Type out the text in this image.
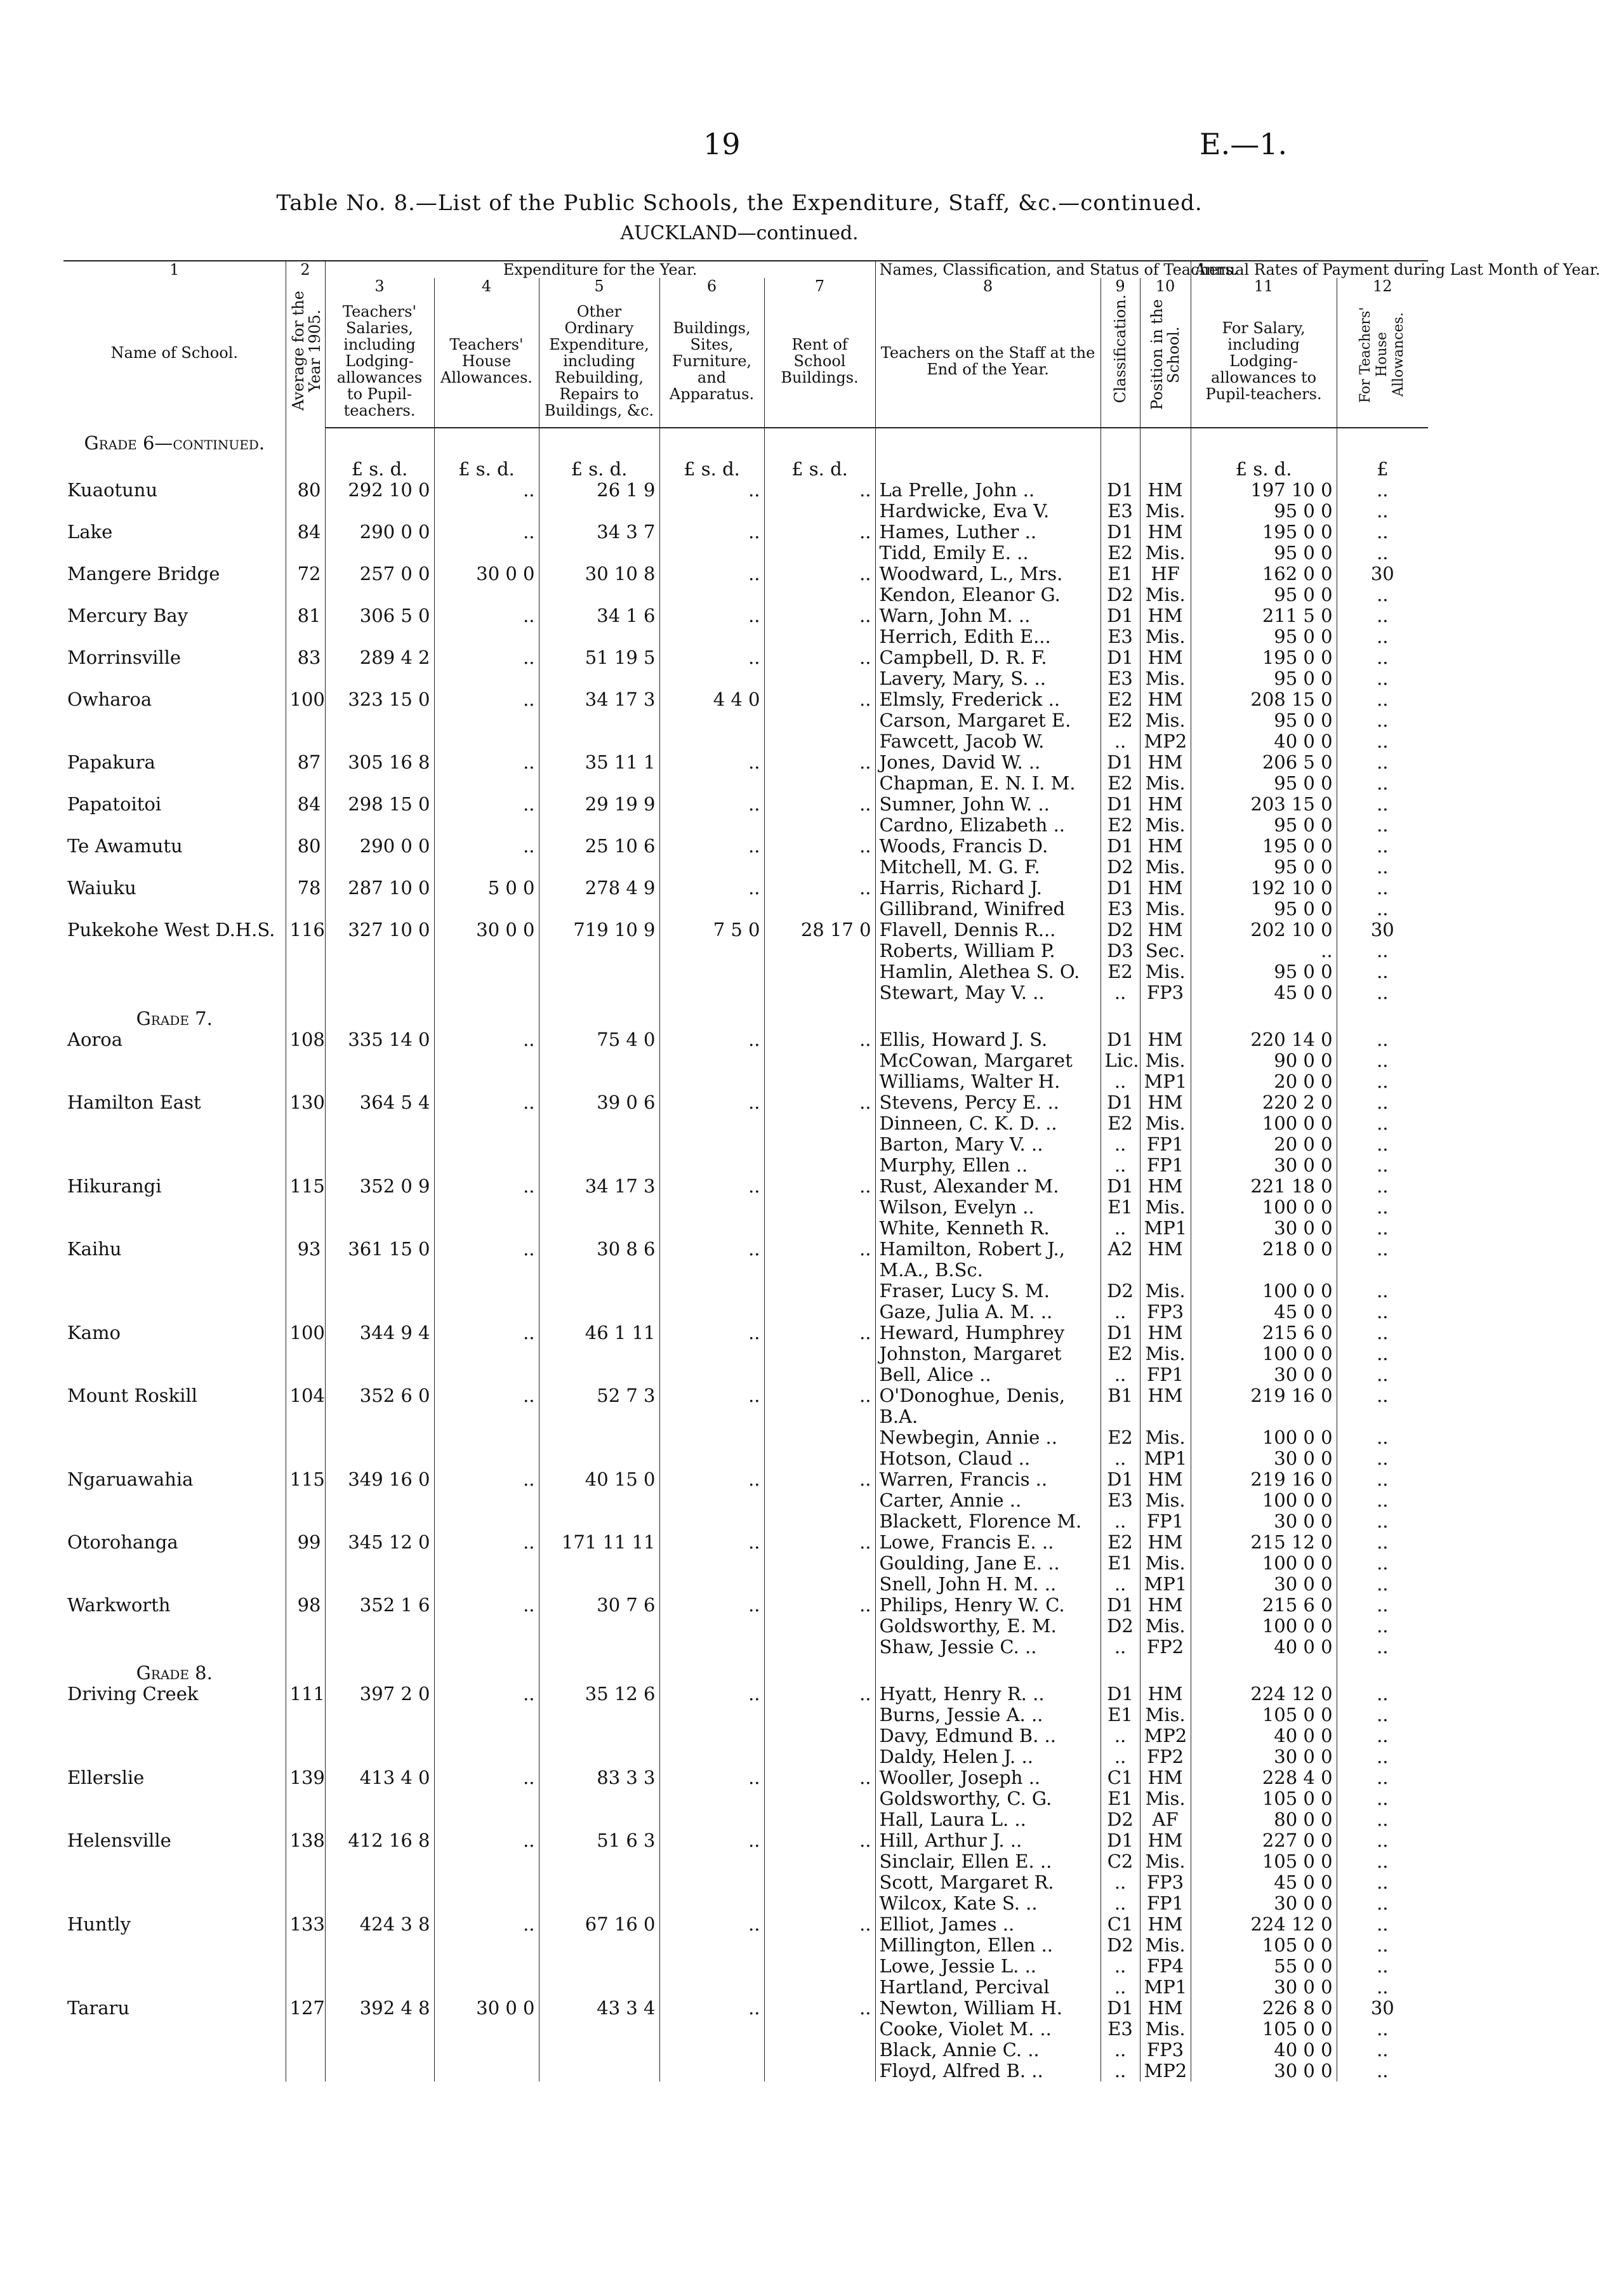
19	E.—1.
Table No. 8.—List of the Public Schools, the Expenditure, Staff, &c.—continued.
AUCKLAND—continued.
1	2	Expenditure for the Year.					Names, Classification, and Status of Teachers.			Annual Rates of Payment during Last Month of Year.	
Name of School.	Average for the Year 1905.	3	4	5	6	7	8	9	10	11	12
		Teachers' Salaries, including Lodging-allowances to Pupil-teachers.	Teachers' House Allowances.	Other Ordinary Expenditure, including Rebuilding, Repairs to Buildings, &c.	Buildings, Sites, Furniture, and Apparatus.	Rent of School Buildings.	Teachers on the Staff at the End of the Year.	Classification.	Position in the School.	For Salary, including Lodging-allowances to Pupil-teachers.	For Teachers' House Allowances.
Grade 6—continued.											
		£ s. d.	£ s. d.	£ s. d.	£ s. d.	£ s. d.				£ s. d.	£
Kuaotunu	80	292 10 0	..	26 1 9	..	..	La Prelle, John ..	D1	HM	197 10 0	..
							Hardwicke, Eva V.	E3	Mis.	95 0 0	..
Lake	84	290 0 0	..	34 3 7	..	..	Hames, Luther ..	D1	HM	195 0 0	..
							Tidd, Emily E. ..	E2	Mis.	95 0 0	..
Mangere Bridge	72	257 0 0	30 0 0	30 10 8	..	..	Woodward, L., Mrs.	E1	HF	162 0 0	30
							Kendon, Eleanor G.	D2	Mis.	95 0 0	..
Mercury Bay	81	306 5 0	..	34 1 6	..	..	Warn, John M. ..	D1	HM	211 5 0	..
							Herrich, Edith E...	E3	Mis.	95 0 0	..
Morrinsville	83	289 4 2	..	51 19 5	..	..	Campbell, D. R. F.	D1	HM	195 0 0	..
							Lavery, Mary, S. ..	E3	Mis.	95 0 0	..
Owharoa	100	323 15 0	..	34 17 3	4 4 0	..	Elmsly, Frederick ..	E2	HM	208 15 0	..
							Carson, Margaret E.	E2	Mis.	95 0 0	..
							Fawcett, Jacob W.	..	MP2	40 0 0	..
Papakura	87	305 16 8	..	35 11 1	..	..	Jones, David W. ..	D1	HM	206 5 0	..
							Chapman, E. N. I. M.	E2	Mis.	95 0 0	..
Papatoitoi	84	298 15 0	..	29 19 9	..	..	Sumner, John W. ..	D1	HM	203 15 0	..
							Cardno, Elizabeth ..	E2	Mis.	95 0 0	..
Te Awamutu	80	290 0 0	..	25 10 6	..	..	Woods, Francis D.	D1	HM	195 0 0	..
							Mitchell, M. G. F.	D2	Mis.	95 0 0	..
Waiuku	78	287 10 0	5 0 0	278 4 9	..	..	Harris, Richard J.	D1	HM	192 10 0	..
							Gillibrand, Winifred	E3	Mis.	95 0 0	..
Pukekohe West D.H.S.	116	327 10 0	30 0 0	719 10 9	7 5 0	28 17 0	Flavell, Dennis R...	D2	HM	202 10 0	30
							Roberts, William P.	D3	Sec.	..	..
							Hamlin, Alethea S. O.	E2	Mis.	95 0 0	..
							Stewart, May V. ..	..	FP3	45 0 0	..
Grade 7.											
Aoroa	108	335 14 0	..	75 4 0	..	..	Ellis, Howard J. S.	D1	HM	220 14 0	..
							McCowan, Margaret	Lic.	Mis.	90 0 0	..
							Williams, Walter H.	..	MP1	20 0 0	..
Hamilton East	130	364 5 4	..	39 0 6	..	..	Stevens, Percy E. ..	D1	HM	220 2 0	..
							Dinneen, C. K. D. ..	E2	Mis.	100 0 0	..
							Barton, Mary V. ..	..	FP1	20 0 0	..
							Murphy, Ellen ..	..	FP1	30 0 0	..
Hikurangi	115	352 0 9	..	34 17 3	..	..	Rust, Alexander M.	D1	HM	221 18 0	..
							Wilson, Evelyn ..	E1	Mis.	100 0 0	..
							White, Kenneth R.	..	MP1	30 0 0	..
Kaihu	93	361 15 0	..	30 8 6	..	..	Hamilton, Robert J.,	A2	HM	218 0 0	..
							M.A., B.Sc.				
							Fraser, Lucy S. M.	D2	Mis.	100 0 0	..
							Gaze, Julia A. M. ..	..	FP3	45 0 0	..
Kamo	100	344 9 4	..	46 1 11	..	..	Heward, Humphrey	D1	HM	215 6 0	..
							Johnston, Margaret	E2	Mis.	100 0 0	..
							Bell, Alice ..	..	FP1	30 0 0	..
Mount Roskill	104	352 6 0	..	52 7 3	..	..	O'Donoghue, Denis,	B1	HM	219 16 0	..
							B.A.				
							Newbegin, Annie ..	E2	Mis.	100 0 0	..
							Hotson, Claud ..	..	MP1	30 0 0	..
Ngaruawahia	115	349 16 0	..	40 15 0	..	..	Warren, Francis ..	D1	HM	219 16 0	..
							Carter, Annie ..	E3	Mis.	100 0 0	..
							Blackett, Florence M.	..	FP1	30 0 0	..
Otorohanga	99	345 12 0	..	171 11 11	..	..	Lowe, Francis E. ..	E2	HM	215 12 0	..
							Goulding, Jane E. ..	E1	Mis.	100 0 0	..
							Snell, John H. M. ..	..	MP1	30 0 0	..
Warkworth	98	352 1 6	..	30 7 6	..	..	Philips, Henry W. C.	D1	HM	215 6 0	..
							Goldsworthy, E. M.	D2	Mis.	100 0 0	..
							Shaw, Jessie C. ..	..	FP2	40 0 0	..
Grade 8.											
Driving Creek	111	397 2 0	..	35 12 6	..	..	Hyatt, Henry R. ..	D1	HM	224 12 0	..
							Burns, Jessie A. ..	E1	Mis.	105 0 0	..
							Davy, Edmund B. ..	..	MP2	40 0 0	..
							Daldy, Helen J. ..	..	FP2	30 0 0	..
Ellerslie	139	413 4 0	..	83 3 3	..	..	Wooller, Joseph ..	C1	HM	228 4 0	..
							Goldsworthy, C. G.	E1	Mis.	105 0 0	..
							Hall, Laura L. ..	D2	AF	80 0 0	..
Helensville	138	412 16 8	..	51 6 3	..	..	Hill, Arthur J. ..	D1	HM	227 0 0	..
							Sinclair, Ellen E. ..	C2	Mis.	105 0 0	..
							Scott, Margaret R.	..	FP3	45 0 0	..
							Wilcox, Kate S. ..	..	FP1	30 0 0	..
Huntly	133	424 3 8	..	67 16 0	..	..	Elliot, James ..	C1	HM	224 12 0	..
							Millington, Ellen ..	D2	Mis.	105 0 0	..
							Lowe, Jessie L. ..	..	FP4	55 0 0	..
							Hartland, Percival	..	MP1	30 0 0	..
Tararu	127	392 4 8	30 0 0	43 3 4	..	..	Newton, William H.	D1	HM	226 8 0	30
							Cooke, Violet M. ..	E3	Mis.	105 0 0	..
							Black, Annie C. ..	..	FP3	40 0 0	..
							Floyd, Alfred B. ..	..	MP2	30 0 0	..
